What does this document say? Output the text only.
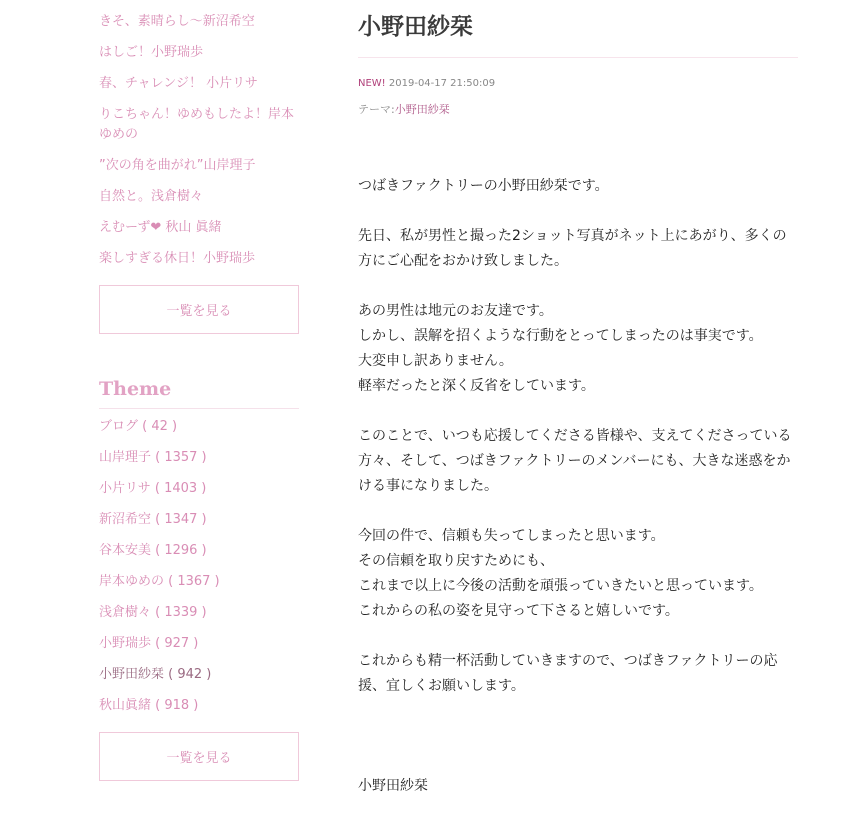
きそ、素晴らし〜新沼希空
はしご！小野瑞歩
春、チャレンジ！ 小片リサ
りこちゃん！ゆめもしたよ！岸本ゆめの
”次の角を曲がれ”山岸理子
自然と。浅倉樹々
えむーず❤ 秋山 眞緒
楽しすぎる休日！小野瑞歩
一覧を見る
Theme
ブログ ( 42 )
山岸理子 ( 1357 )
小片リサ ( 1403 )
新沼希空 ( 1347 )
谷本安美 ( 1296 )
岸本ゆめの ( 1367 )
浅倉樹々 ( 1339 )
小野瑞歩 ( 927 )
小野田紗栞 ( 942 )
秋山眞緒 ( 918 )
一覧を見る
小野田紗栞
NEW! 2019-04-17 21:50:09
テーマ:小野田紗栞

つばきファクトリーの小野田紗栞です。

先日、私が男性と撮った2ショット写真がネット上にあがり、多くの方にご心配をおかけ致しました。

あの男性は地元のお友達です。
しかし、誤解を招くような行動をとってしまったのは事実です。
大変申し訳ありません。
軽率だったと深く反省をしています。

このことで、いつも応援してくださる皆様や、支えてくださっている方々、そして、つばきファクトリーのメンバーにも、大きな迷惑をかける事になりました。

今回の件で、信頼も失ってしまったと思います。
その信頼を取り戻すためにも、
これまで以上に今後の活動を頑張っていきたいと思っています。
これからの私の姿を見守って下さると嬉しいです。

これからも精一杯活動していきますので、つばきファクトリーの応援、宜しくお願いします。

小野田紗栞
